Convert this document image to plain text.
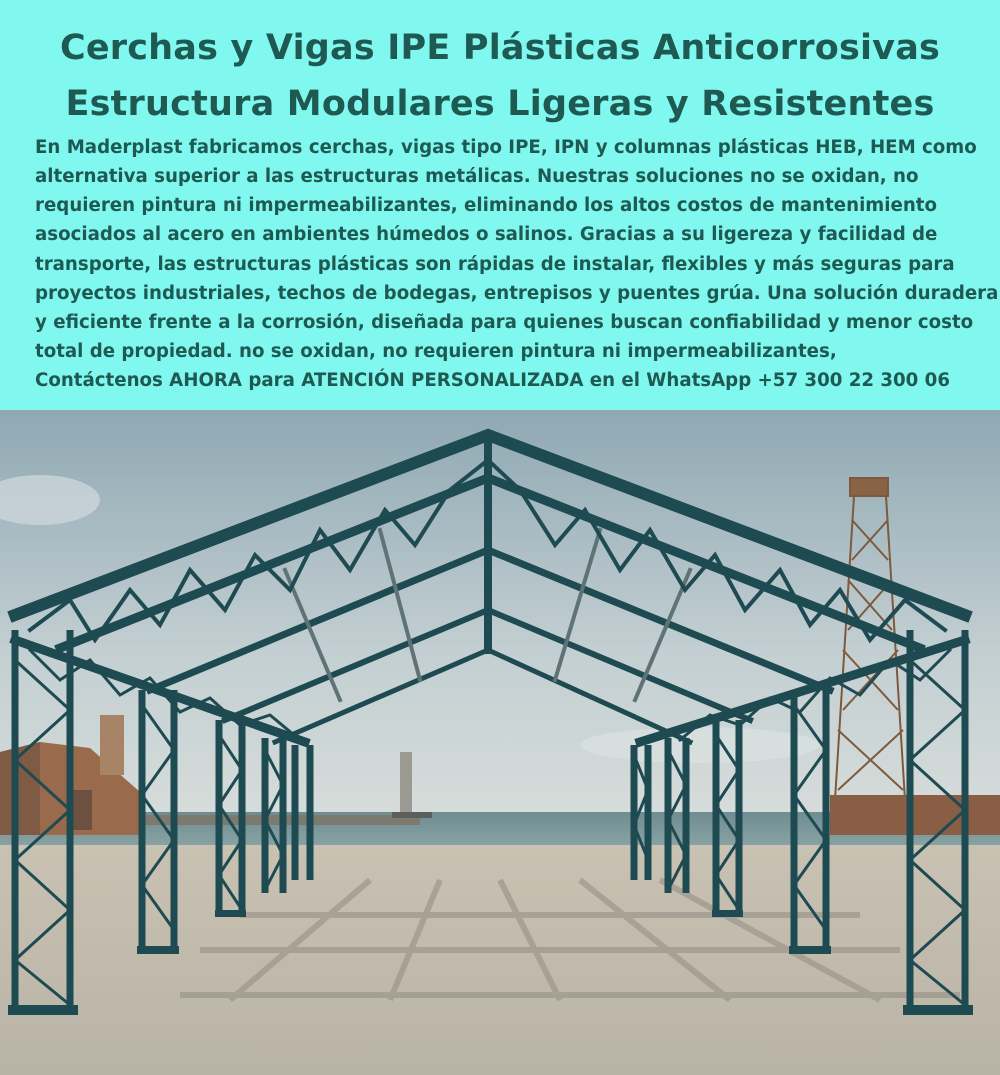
Cerchas y Vigas IPE Plásticas Anticorrosivas
Estructura Modulares Ligeras y Resistentes
En Maderplast fabricamos cerchas, vigas tipo IPE, IPN y columnas plásticas HEB, HEM como
alternativa superior a las estructuras metálicas. Nuestras soluciones no se oxidan, no
requieren pintura ni impermeabilizantes, eliminando los altos costos de mantenimiento
asociados al acero en ambientes húmedos o salinos. Gracias a su ligereza y facilidad de
transporte, las estructuras plásticas son rápidas de instalar, flexibles y más seguras para
proyectos industriales, techos de bodegas, entrepisos y puentes grúa. Una solución duradera
y eficiente frente a la corrosión, diseñada para quienes buscan confiabilidad y menor costo
total de propiedad. no se oxidan, no requieren pintura ni impermeabilizantes,
Contáctenos AHORA para ATENCIÓN PERSONALIZADA en el WhatsApp +57 300 22 300 06
